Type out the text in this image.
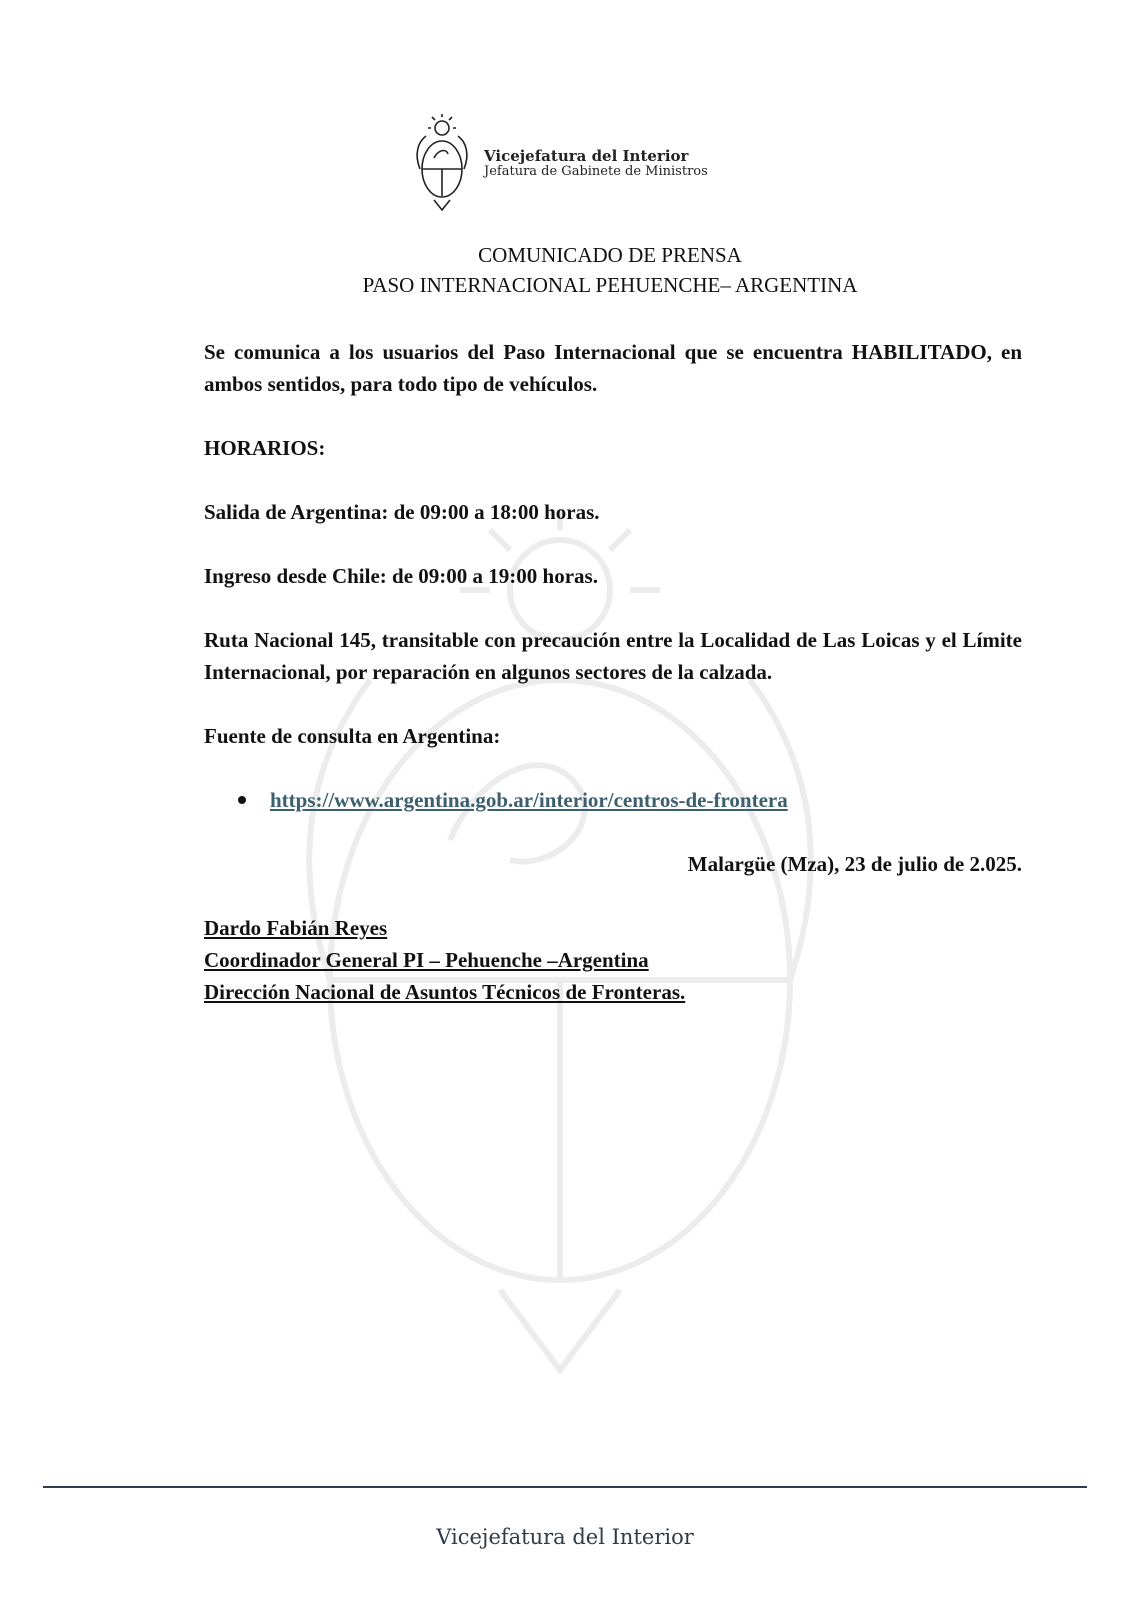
Vicejefatura del Interior
Jefatura de Gabinete de Ministros
COMUNICADO DE PRENSA
PASO INTERNACIONAL PEHUENCHE– ARGENTINA

Se comunica a los usuarios del Paso Internacional que se encuentra HABILITADO, en ambos sentidos, para todo tipo de vehículos.

HORARIOS:

Salida de Argentina: de 09:00 a 18:00 horas.

Ingreso desde Chile: de 09:00 a 19:00 horas.

Ruta Nacional 145, transitable con precaución entre la Localidad de Las Loicas y el Límite Internacional, por reparación en algunos sectores de la calzada.

Fuente de consulta en Argentina:

https://www.argentina.gob.ar/interior/centros-de-frontera

Malargüe (Mza), 23 de julio de 2.025.

Dardo Fabián Reyes
Coordinador General PI – Pehuenche –Argentina
Dirección Nacional de Asuntos Técnicos de Fronteras.
Vicejefatura del Interior
